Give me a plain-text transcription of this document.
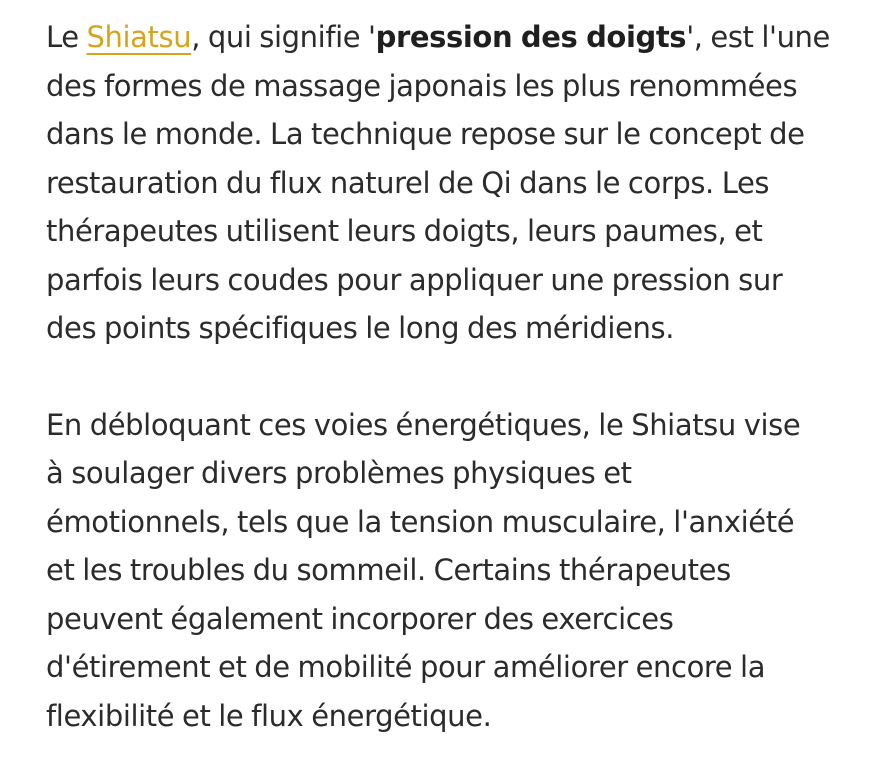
Le Shiatsu, qui signifie 'pression des doigts', est l'une
des formes de massage japonais les plus renommées
dans le monde. La technique repose sur le concept de
restauration du flux naturel de Qi dans le corps. Les
thérapeutes utilisent leurs doigts, leurs paumes, et
parfois leurs coudes pour appliquer une pression sur
des points spécifiques le long des méridiens.

En débloquant ces voies énergétiques, le Shiatsu vise
à soulager divers problèmes physiques et
émotionnels, tels que la tension musculaire, l'anxiété
et les troubles du sommeil. Certains thérapeutes
peuvent également incorporer des exercices
d'étirement et de mobilité pour améliorer encore la
flexibilité et le flux énergétique.
